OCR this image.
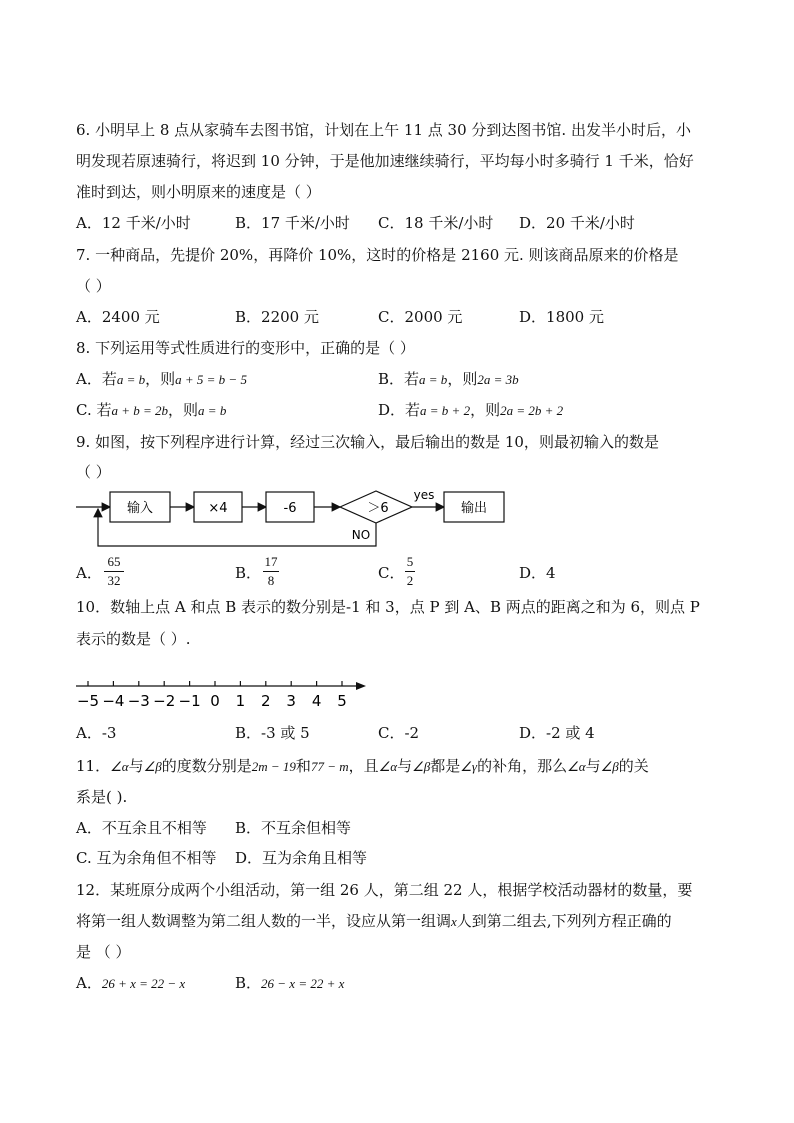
6. 小明早上 8 点从家骑车去图书馆，计划在上午 11 点 30 分到达图书馆. 出发半小时后，小
明发现若原速骑行，将迟到 10 分钟，于是他加速继续骑行，平均每小时多骑行 1 千米，恰好
准时到达，则小明原来的速度是（ ）
A．12 千米/小时	B．17 千米/小时 C．18 千米/小时 D．20 千米/小时
7. 一种商品，先提价 20%，再降价 10%，这时的价格是 2160 元. 则该商品原来的价格是
（ ）
A．2400 元	B．2200 元	C．2000 元	D．1800 元
8. 下列运用等式性质进行的变形中，正确的是（ ）
A．若a = b，则a + 5 = b − 5	B．若a = b，则2a = 3b
C. 若a + b = 2b，则a = b	D．若a = b + 2，则2a = 2b + 2
9. 如图，按下列程序进行计算，经过三次输入，最后输出的数是 10，则最初输入的数是
（ ）
输入	×4	-6	＞6
yes
输出
NO
A．
65
32	B．
17
8	C．
5
2	D．4
10．数轴上点 A 和点 B 表示的数分别是-1 和 3，点 P 到 A、B 两点的距离之和为 6，则点 P
表示的数是（ ）.
−5 −4 −3 −2 −1 0 1 2 3 4 5
A．-3	B．-3 或 5	C．-2	D．-2 或 4
11．∠α与∠β的度数分别是2m − 19和77 − m，且∠α与∠β都是∠γ的补角，那么∠α与∠β的关
系是( ).
A．不互余且不相等 B．不互余但相等
C. 互为余角但不相等 D．互为余角且相等
12．某班原分成两个小组活动，第一组 26 人，第二组 22 人，根据学校活动器材的数量，要
将第一组人数调整为第二组人数的一半，设应从第一组调x人到第二组去,下列列方程正确的
是 （ ）
A．26 + x = 22 − x	B．26 − x = 22 + x
